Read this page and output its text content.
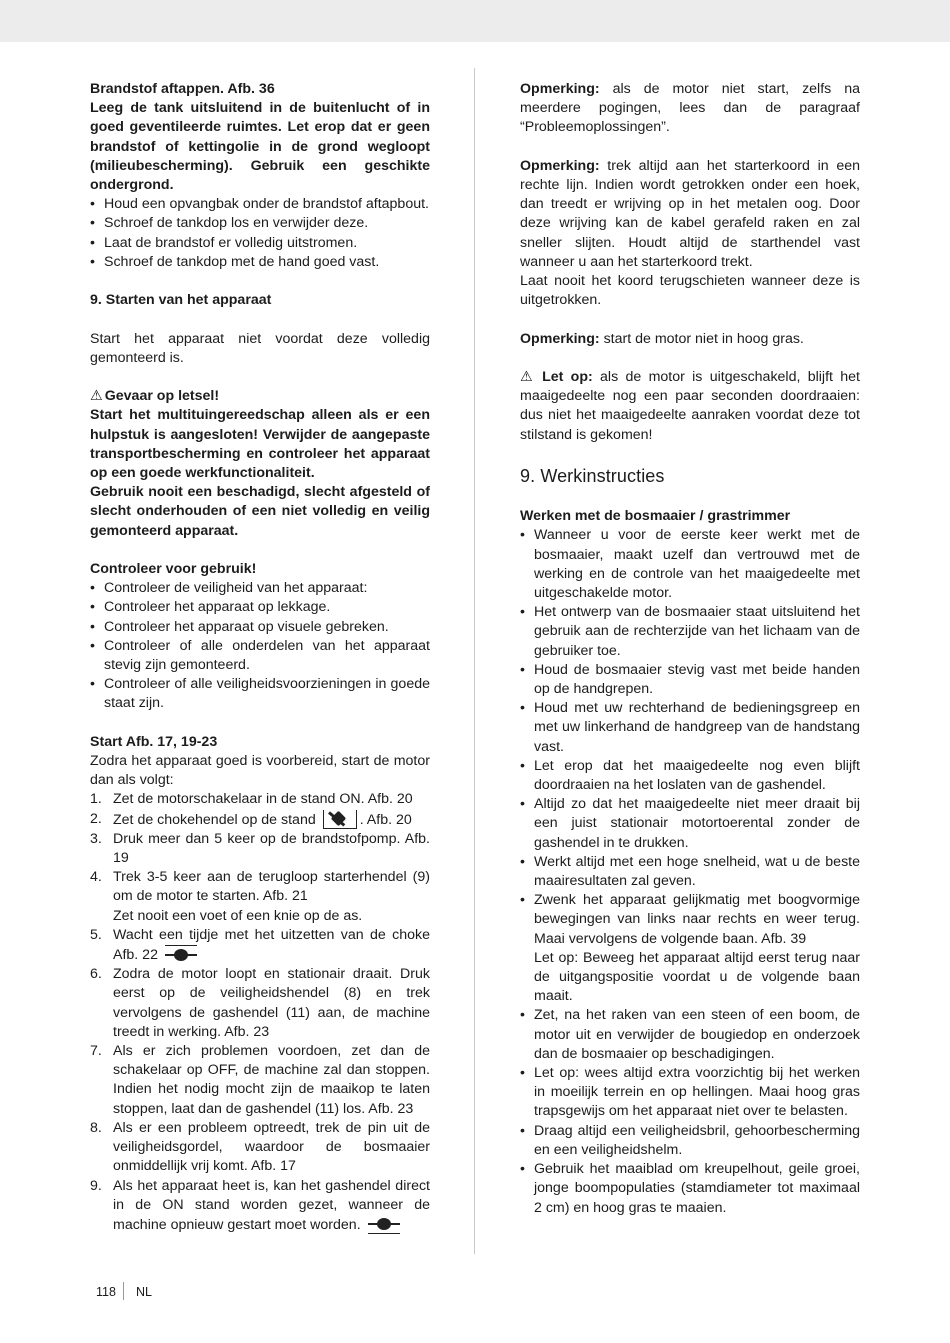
Brandstof aftappen. Afb. 36

Leeg de tank uitsluitend in de buitenlucht of in goed geventileerde ruimtes. Let erop dat er geen brandstof of kettingolie in de grond wegloopt (milieubescherming). Gebruik een geschikte ondergrond.

• Houd een opvangbak onder de brandstof aftapbout.
• Schroef de tankdop los en verwijder deze.
• Laat de brandstof er volledig uitstromen.
• Schroef de tankdop met de hand goed vast.

9. Starten van het apparaat

Start het apparaat niet voordat deze volledig gemonteerd is.

⚠ Gevaar op letsel!

Start het multituingereedschap alleen als er een hulpstuk is aangesloten! Verwijder de aangepaste transportbescherming en controleer het apparaat op een goede werkfunctionaliteit.

Gebruik nooit een beschadigd, slecht afgesteld of slecht onderhouden of een niet volledig en veilig gemonteerd apparaat.

Controleer voor gebruik!

• Controleer de veiligheid van het apparaat:
• Controleer het apparaat op lekkage.
• Controleer het apparaat op visuele gebreken.
• Controleer of alle onderdelen van het apparaat stevig zijn gemonteerd.
• Controleer of alle veiligheidsvoorzieningen in goede staat zijn.

Start Afb. 17, 19-23

Zodra het apparaat goed is voorbereid, start de motor dan als volgt:

1. Zet de motorschakelaar in de stand ON. Afb. 20
2. Zet de chokehendel op de stand	. Afb. 20
3. Druk meer dan 5 keer op de brandstofpomp. Afb. 19
4. Trek 3-5 keer aan de terugloop starterhendel (9) om de motor te starten. Afb. 21
Zet nooit een voet of een knie op de as.
5. Wacht een tijdje met het uitzetten van de choke Afb. 22
6. Zodra de motor loopt en stationair draait. Druk eerst op de veiligheidshendel (8) en trek vervolgens de gashendel (11) aan, de machine treedt in werking. Afb. 23
7. Als er zich problemen voordoen, zet dan de schakelaar op OFF, de machine zal dan stoppen. Indien het nodig mocht zijn de maaikop te laten stoppen, laat dan de gashendel (11) los. Afb. 23
8. Als er een probleem optreedt, trek de pin uit de veiligheidsgordel, waardoor de bosmaaier onmiddellijk vrij komt. Afb. 17
9. Als het apparaat heet is, kan het gashendel direct in de ON stand worden gezet, wanneer de machine opnieuw gestart moet worden.

Opmerking: als de motor niet start, zelfs na meerdere pogingen, lees dan de paragraaf “Probleemoplossingen”.

Opmerking: trek altijd aan het starterkoord in een rechte lijn. Indien wordt getrokken onder een hoek, dan treedt er wrijving op in het metalen oog. Door deze wrijving kan de kabel gerafeld raken en zal sneller slijten. Houdt altijd de starthendel vast wanneer u aan het starterkoord trekt.

Laat nooit het koord terugschieten wanneer deze is uitgetrokken.

Opmerking: start de motor niet in hoog gras.

⚠ Let op: als de motor is uitgeschakeld, blijft het maaigedeelte nog een paar seconden doordraaien: dus niet het maaigedeelte aanraken voordat deze tot stilstand is gekomen!

9. Werkinstructies

Werken met de bosmaaier / grastrimmer

• Wanneer u voor de eerste keer werkt met de bosmaaier, maakt uzelf dan vertrouwd met de werking en de controle van het maaigedeelte met uitgeschakelde motor.
• Het ontwerp van de bosmaaier staat uitsluitend het gebruik aan de rechterzijde van het lichaam van de gebruiker toe.
• Houd de bosmaaier stevig vast met beide handen op de handgrepen.
• Houd met uw rechterhand de bedieningsgreep en met uw linkerhand de handgreep van de handstang vast.
• Let erop dat het maaigedeelte nog even blijft doordraaien na het loslaten van de gashendel.
• Altijd zo dat het maaigedeelte niet meer draait bij een juist stationair motortoerental zonder de gashendel in te drukken.
• Werkt altijd met een hoge snelheid, wat u de beste maairesultaten zal geven.
• Zwenk het apparaat gelijkmatig met boogvormige bewegingen van links naar rechts en weer terug. Maai vervolgens de volgende baan. Afb. 39
Let op: Beweeg het apparaat altijd eerst terug naar de uitgangspositie voordat u de volgende baan maait.
• Zet, na het raken van een steen of een boom, de motor uit en verwijder de bougiedop en onderzoek dan de bosmaaier op beschadigingen.
• Let op: wees altijd extra voorzichtig bij het werken in moeilijk terrein en op hellingen. Maai hoog gras trapsgewijs om het apparaat niet over te belasten.
• Draag altijd een veiligheidsbril, gehoorbescherming en een veiligheidshelm.
• Gebruik het maaiblad om kreupelhout, geile groei, jonge boompopulaties (stamdiameter tot maximaal 2 cm) en hoog gras te maaien.
118 NL
